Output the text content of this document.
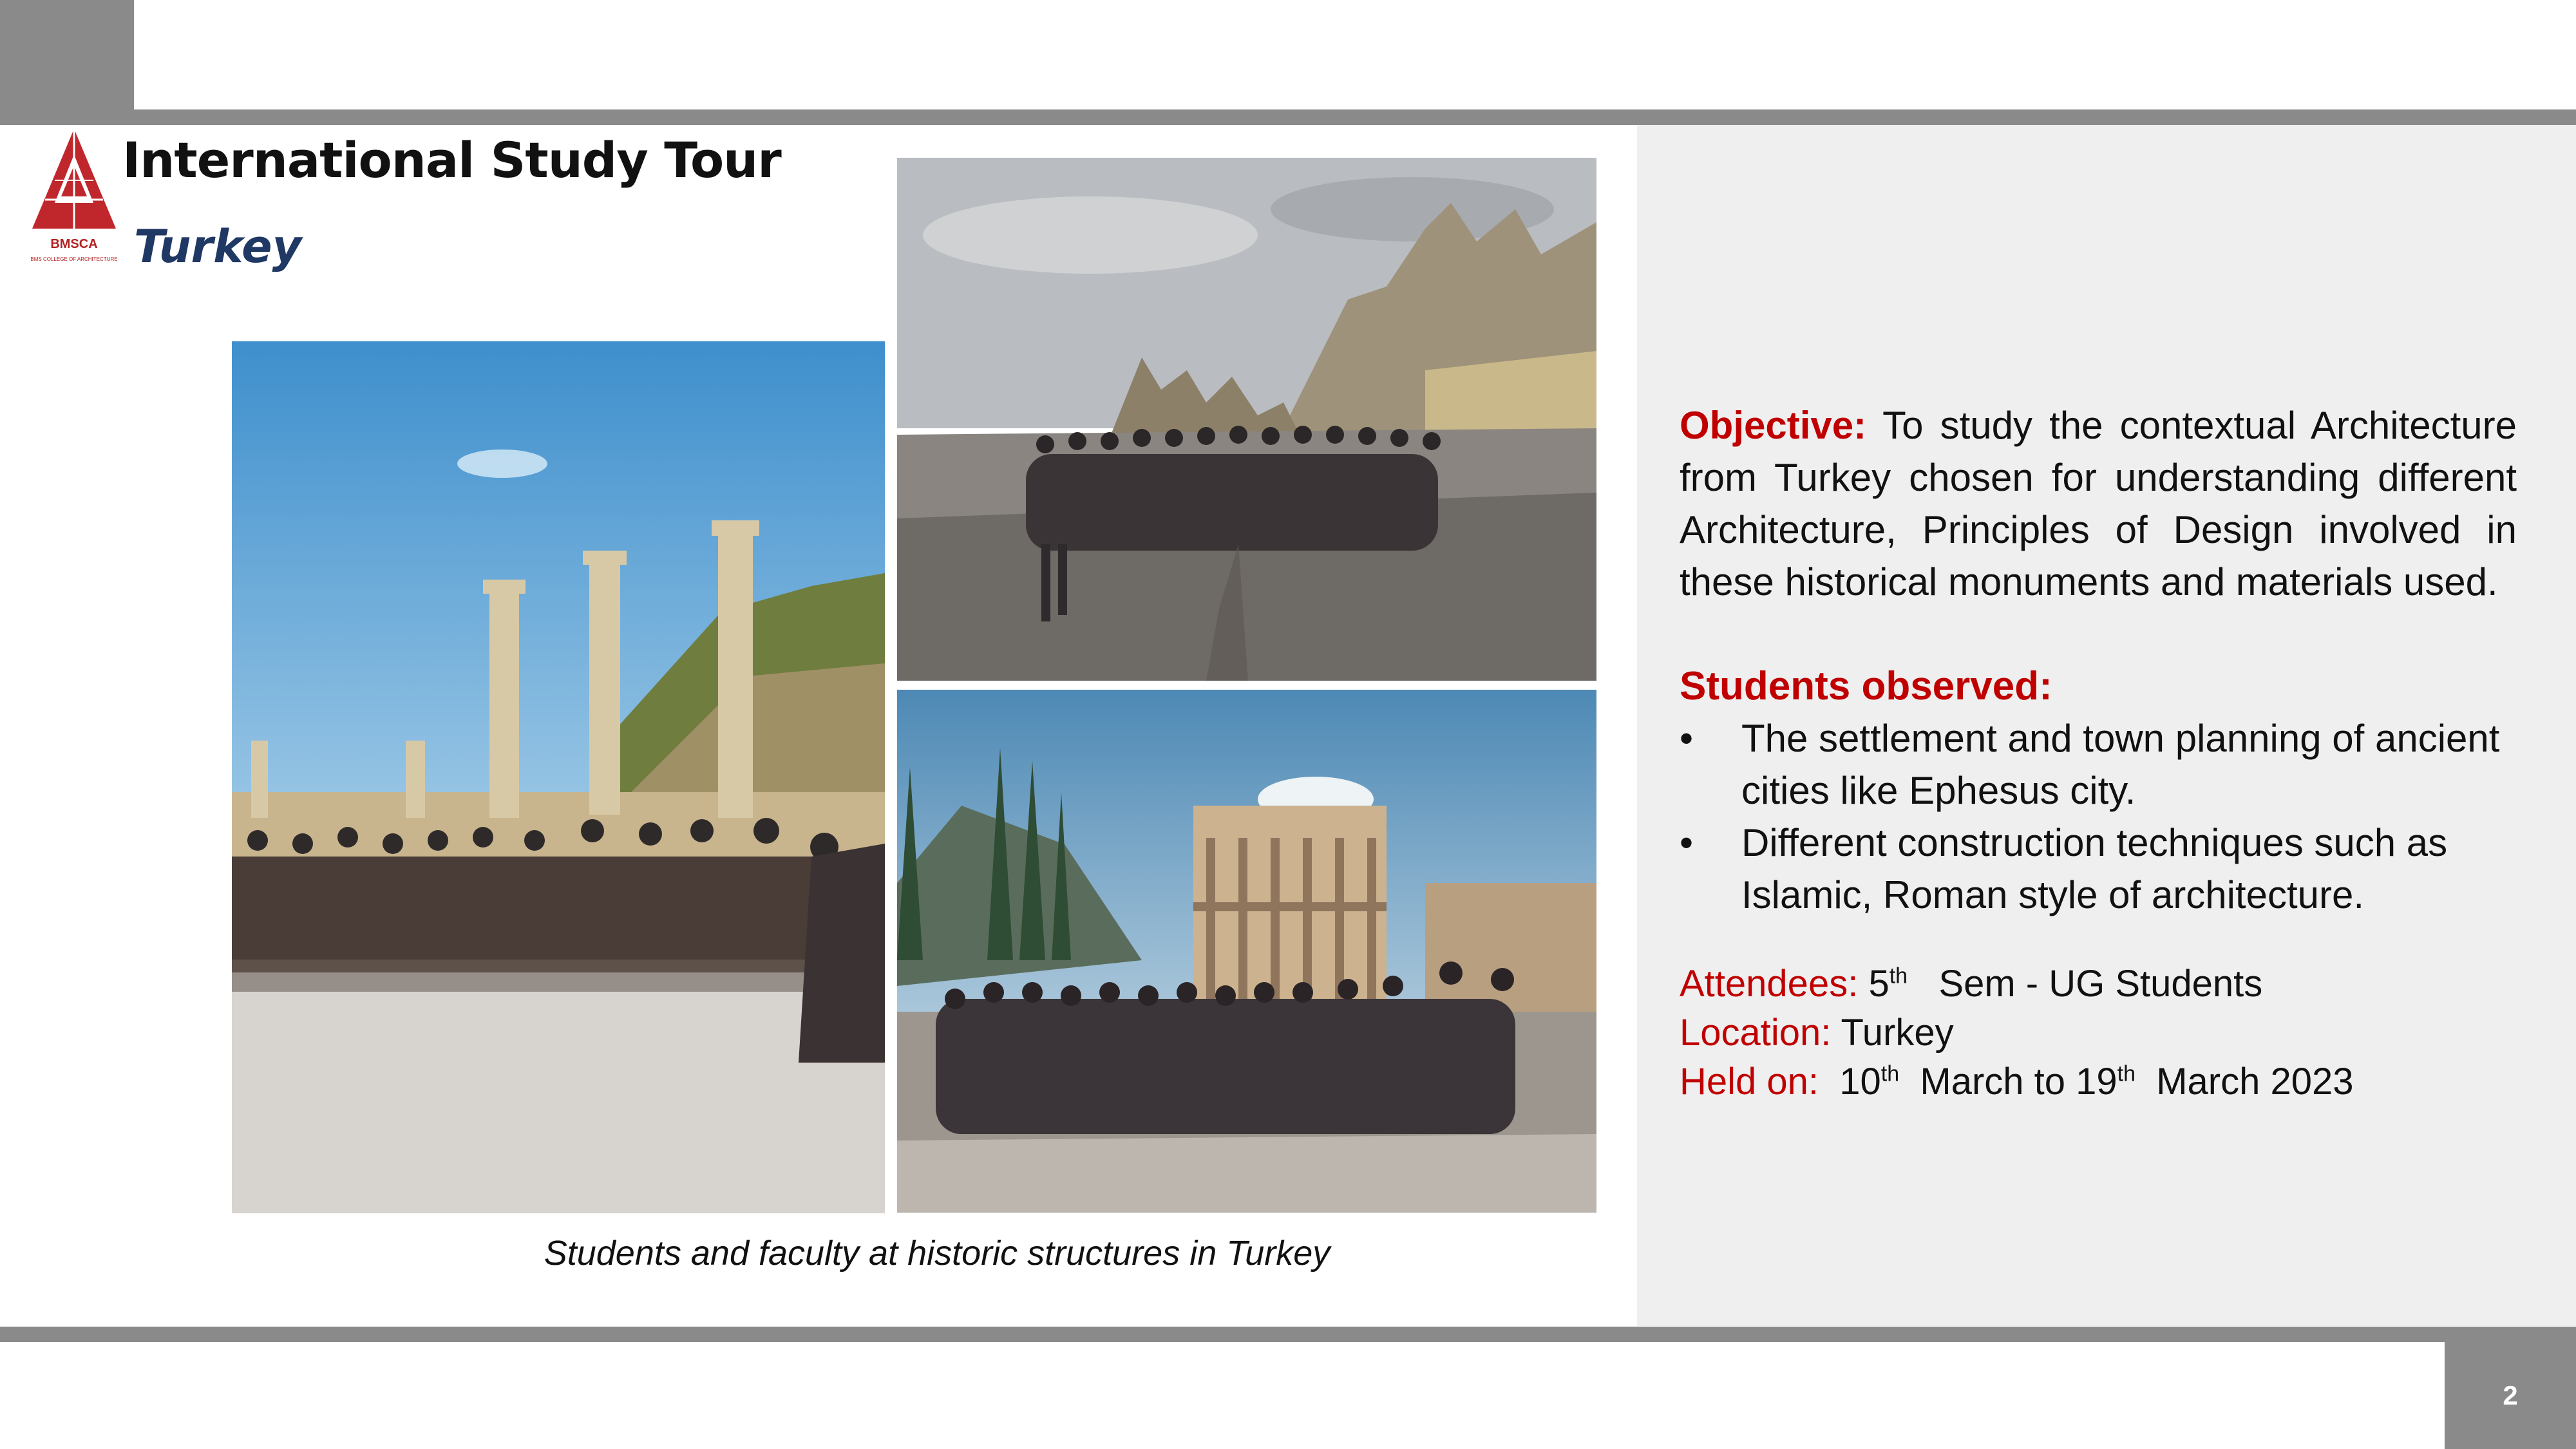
2
BMSCA
BMS COLLEGE OF ARCHITECTURE
International Study Tour
Turkey
Students and faculty at historic structures in Turkey

Objective: To study the contextual Architecture from Turkey chosen for understanding different Architecture, Principles of Design involved in these historical monuments and materials used.

Students observed:
• The settlement and town planning of ancient cities like Ephesus city.
• Different construction techniques such as Islamic, Roman style of architecture.
Attendees: 5th Sem - UG Students
Location: Turkey
Held on: 10th March to 19th March 2023
